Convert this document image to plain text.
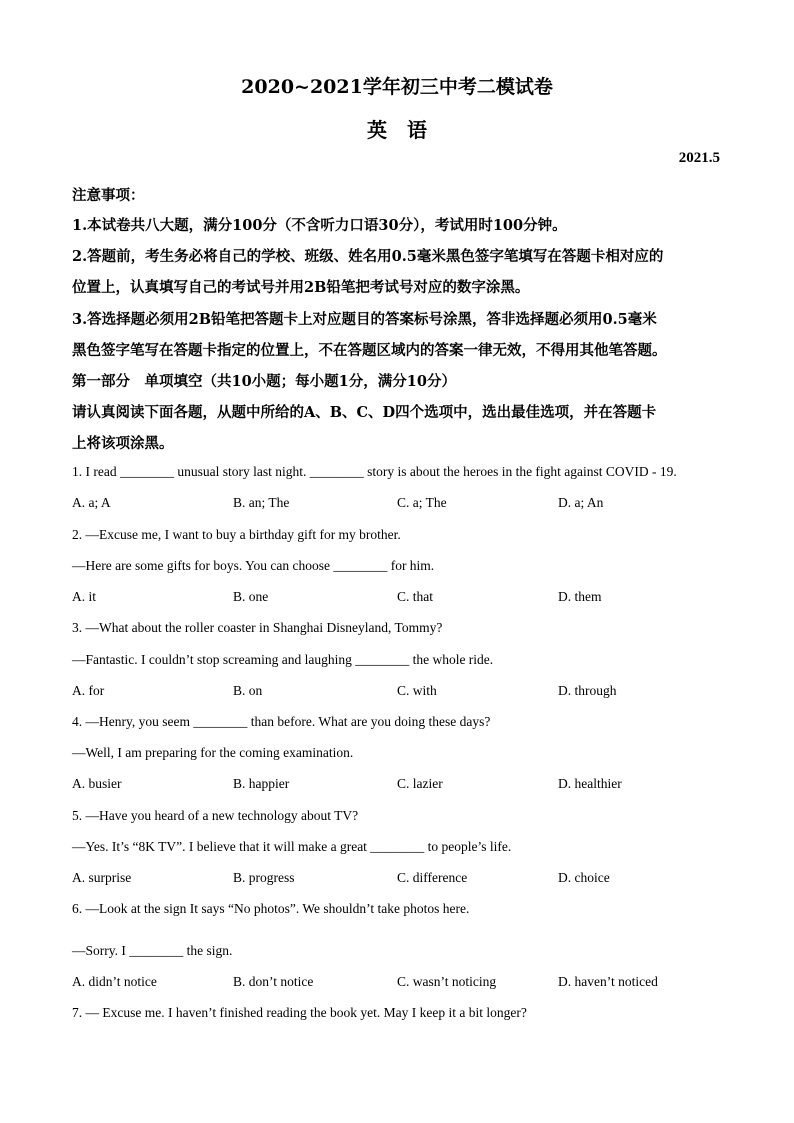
2020~2021学年初三中考二模试卷
英语
2021.5
注意事项：
1.本试卷共八大题，满分100分（不含听力口语30分），考试用时100分钟。
2.答题前，考生务必将自己的学校、班级、姓名用0.5毫米黑色签字笔填写在答题卡相对应的
位置上，认真填写自己的考试号并用2B铅笔把考试号对应的数字涂黑。
3.答选择题必须用2B铅笔把答题卡上对应题目的答案标号涂黑，答非选择题必须用0.5毫米
黑色签字笔写在答题卡指定的位置上，不在答题区域内的答案一律无效，不得用其他笔答题。
第一部分　单项填空（共10小题；每小题1分，满分10分）
请认真阅读下面各题，从题中所给的A、B、C、D四个选项中，选出最佳选项，并在答题卡
上将该项涂黑。
1. I read ________ unusual story last night. ________ story is about the heroes in the fight against COVID - 19.
A. a; A	B. an; The	C. a; The	D. a; An
2. —Excuse me, I want to buy a birthday gift for my brother.
—Here are some gifts for boys. You can choose ________ for him.
A. it	B. one	C. that	D. them
3. —What about the roller coaster in Shanghai Disneyland, Tommy?
—Fantastic. I couldn’t stop screaming and laughing ________ the whole ride.
A. for	B. on	C. with	D. through
4. —Henry, you seem ________ than before. What are you doing these days?
—Well, I am preparing for the coming examination.
A. busier	B. happier	C. lazier	D. healthier
5. —Have you heard of a new technology about TV?
—Yes. It’s “8K TV”. I believe that it will make a great ________ to people’s life.
A. surprise	B. progress	C. difference	D. choice
6. —Look at the sign It says “No photos”. We shouldn’t take photos here.
—Sorry. I ________ the sign.
A. didn’t notice	B. don’t notice	C. wasn’t noticing	D. haven’t noticed
7. — Excuse me. I haven’t finished reading the book yet. May I keep it a bit longer?
